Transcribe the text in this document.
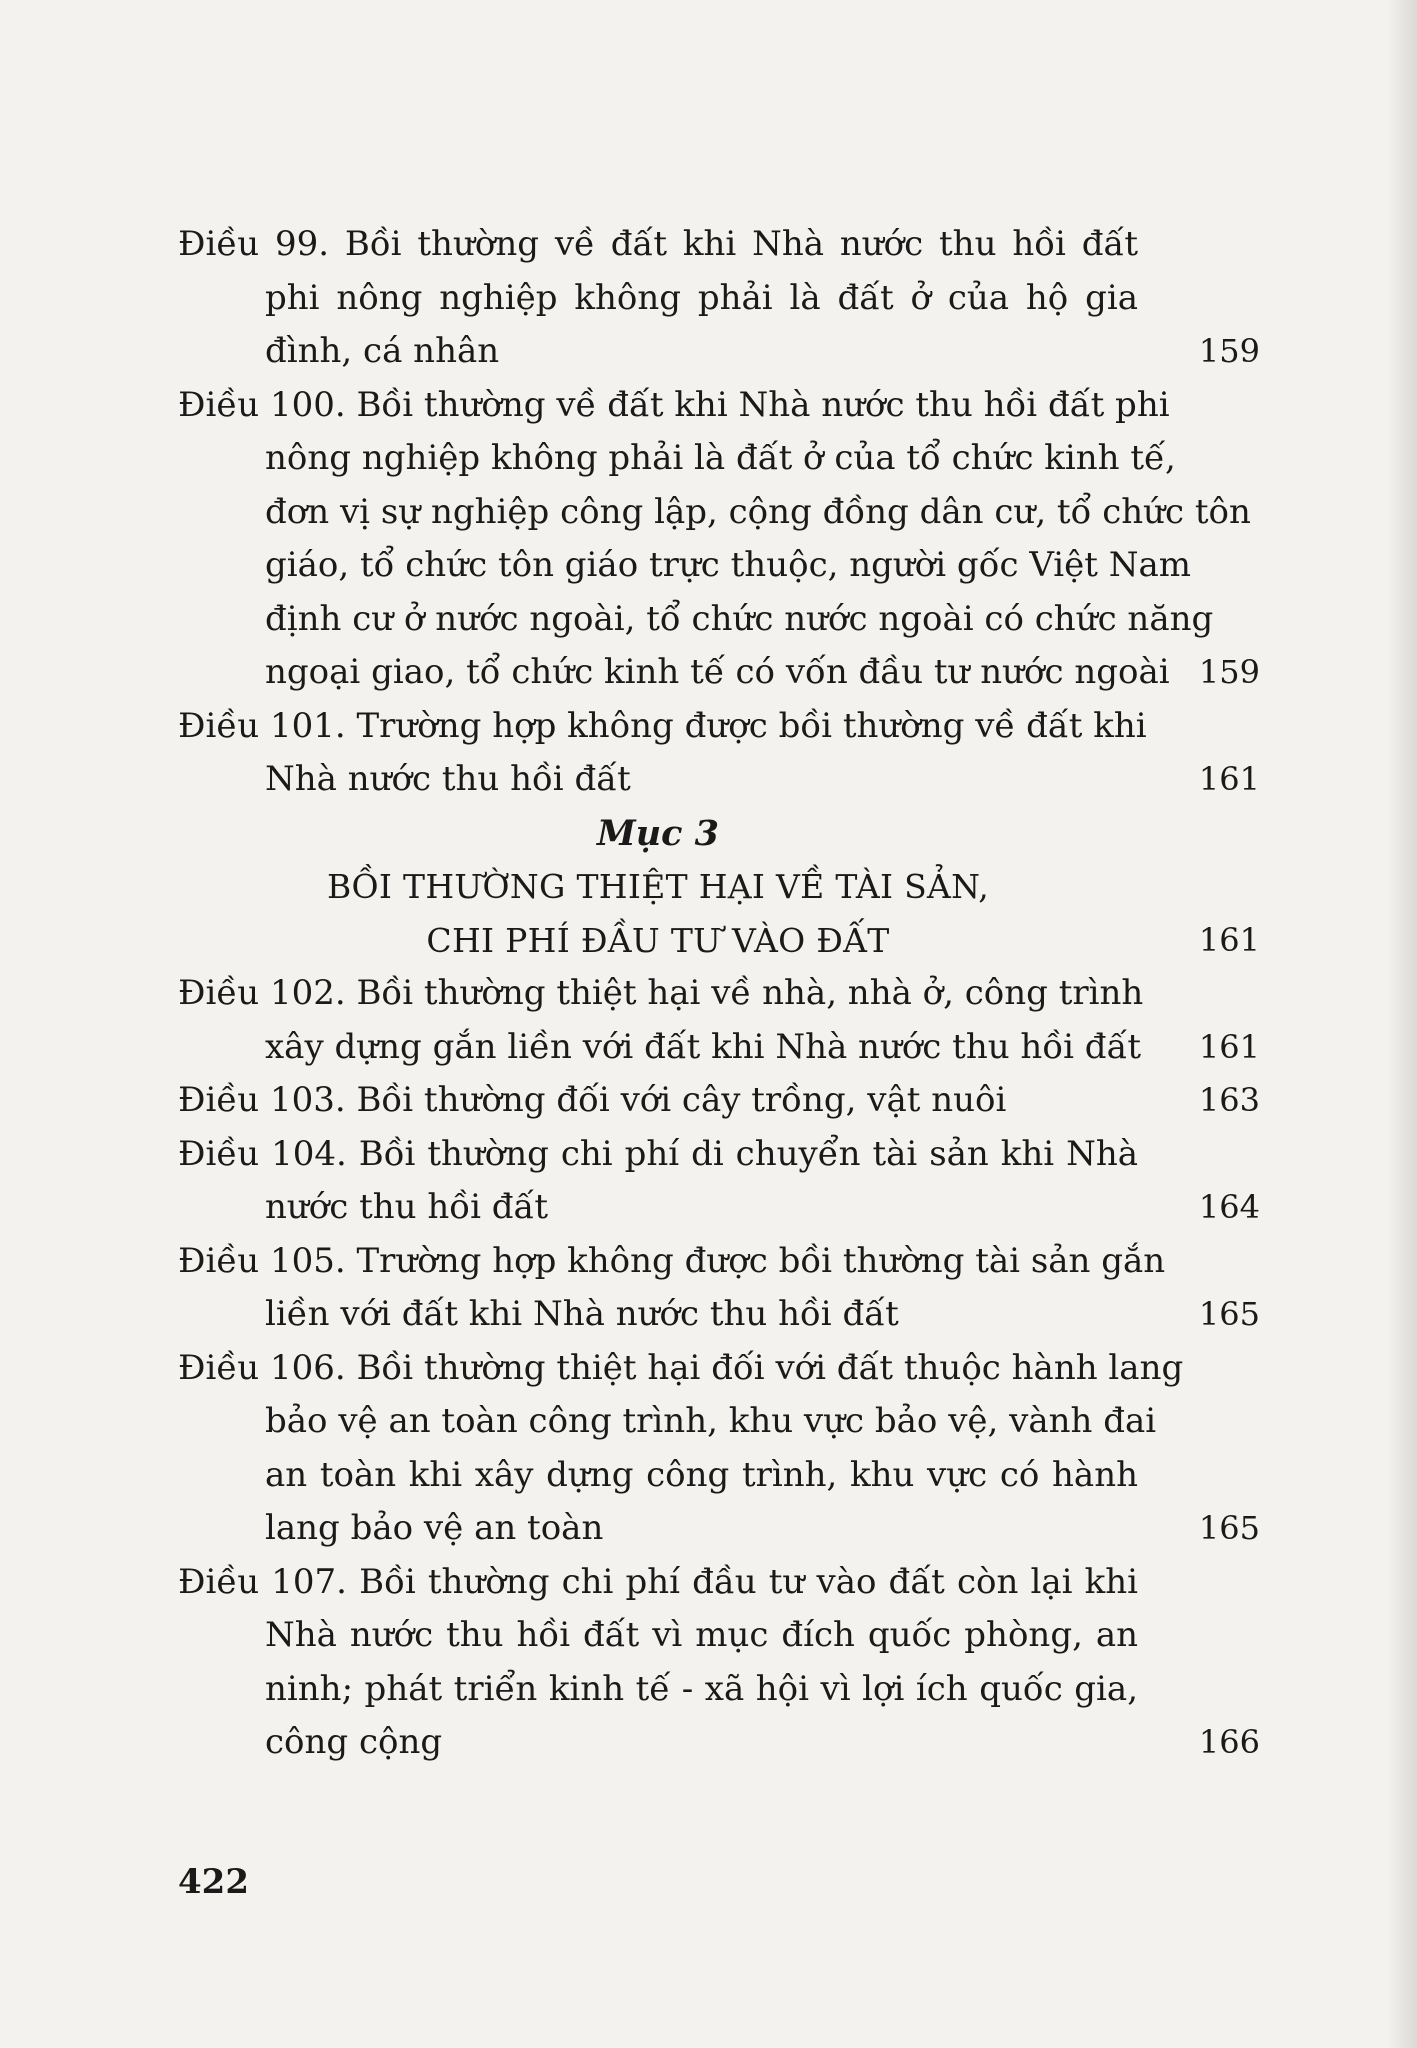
Điều 99. Bồi thường về đất khi Nhà nước thu hồi đất
phi nông nghiệp không phải là đất ở của hộ gia
đình, cá nhân	159
Điều 100. Bồi thường về đất khi Nhà nước thu hồi đất phi
nông nghiệp không phải là đất ở của tổ chức kinh tế,
đơn vị sự nghiệp công lập, cộng đồng dân cư, tổ chức tôn
giáo, tổ chức tôn giáo trực thuộc, người gốc Việt Nam
định cư ở nước ngoài, tổ chức nước ngoài có chức năng
ngoại giao, tổ chức kinh tế có vốn đầu tư nước ngoài 159
Điều 101. Trường hợp không được bồi thường về đất khi
Nhà nước thu hồi đất	161
Mục 3
BỒI THƯỜNG THIỆT HẠI VỀ TÀI SẢN,
CHI PHÍ ĐẦU TƯ VÀO ĐẤT	161
Điều 102. Bồi thường thiệt hại về nhà, nhà ở, công trình
xây dựng gắn liền với đất khi Nhà nước thu hồi đất	161
Điều 103. Bồi thường đối với cây trồng, vật nuôi	163
Điều 104. Bồi thường chi phí di chuyển tài sản khi Nhà
nước thu hồi đất	164
Điều 105. Trường hợp không được bồi thường tài sản gắn
liền với đất khi Nhà nước thu hồi đất	165
Điều 106. Bồi thường thiệt hại đối với đất thuộc hành lang
bảo vệ an toàn công trình, khu vực bảo vệ, vành đai
an toàn khi xây dựng công trình, khu vực có hành
lang bảo vệ an toàn	165
Điều 107. Bồi thường chi phí đầu tư vào đất còn lại khi
Nhà nước thu hồi đất vì mục đích quốc phòng, an
ninh; phát triển kinh tế - xã hội vì lợi ích quốc gia,
công cộng	166
422
